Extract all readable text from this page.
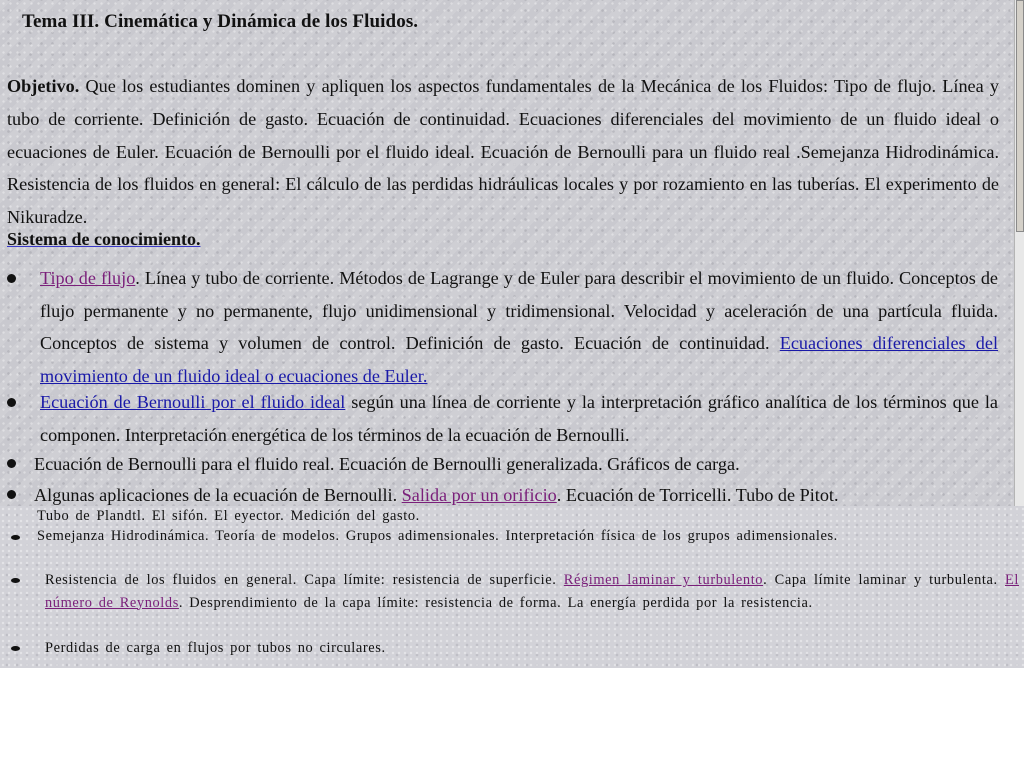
Tema III. Cinemática y Dinámica de los Fluidos.
Objetivo. Que los estudiantes dominen y apliquen los aspectos fundamentales de la Mecánica de los Fluidos: Tipo de flujo. Línea y tubo de corriente. Definición de gasto. Ecuación de continuidad. Ecuaciones diferenciales del movimiento de un fluido ideal o ecuaciones de Euler. Ecuación de Bernoulli por el fluido ideal. Ecuación de Bernoulli para un fluido real .Semejanza Hidrodinámica. Resistencia de los fluidos en general: El cálculo de las perdidas hidráulicas locales y por rozamiento en las tuberías. El experimento de Nikuradze.
Sistema de conocimiento.
Tipo de flujo. Línea y tubo de corriente. Métodos de Lagrange y de Euler para describir el movimiento de un fluido. Conceptos de flujo permanente y no permanente, flujo unidimensional y tridimensional. Velocidad y aceleración de una partícula fluida. Conceptos de sistema y volumen de control. Definición de gasto. Ecuación de continuidad. Ecuaciones diferenciales del movimiento de un fluido ideal o ecuaciones de Euler.
Ecuación de Bernoulli por el fluido ideal según una línea de corriente y la interpretación gráfico analítica de los términos que la componen. Interpretación energética de los términos de la ecuación de Bernoulli.
Ecuación de Bernoulli para el fluido real. Ecuación de Bernoulli generalizada. Gráficos de carga.
Algunas aplicaciones de la ecuación de Bernoulli. Salida por un orificio. Ecuación de Torricelli. Tubo de Pitot.
Tubo de Plandtl. El sifón. El eyector. Medición del gasto.
Semejanza Hidrodinámica. Teoría de modelos. Grupos adimensionales. Interpretación física de los grupos adimensionales.
Resistencia de los fluidos en general. Capa límite: resistencia de superficie. Régimen laminar y turbulento. Capa límite laminar y turbulenta. El número de Reynolds. Desprendimiento de la capa límite: resistencia de forma. La energía perdida por la resistencia.
Perdidas de carga en flujos por tubos no circulares.
